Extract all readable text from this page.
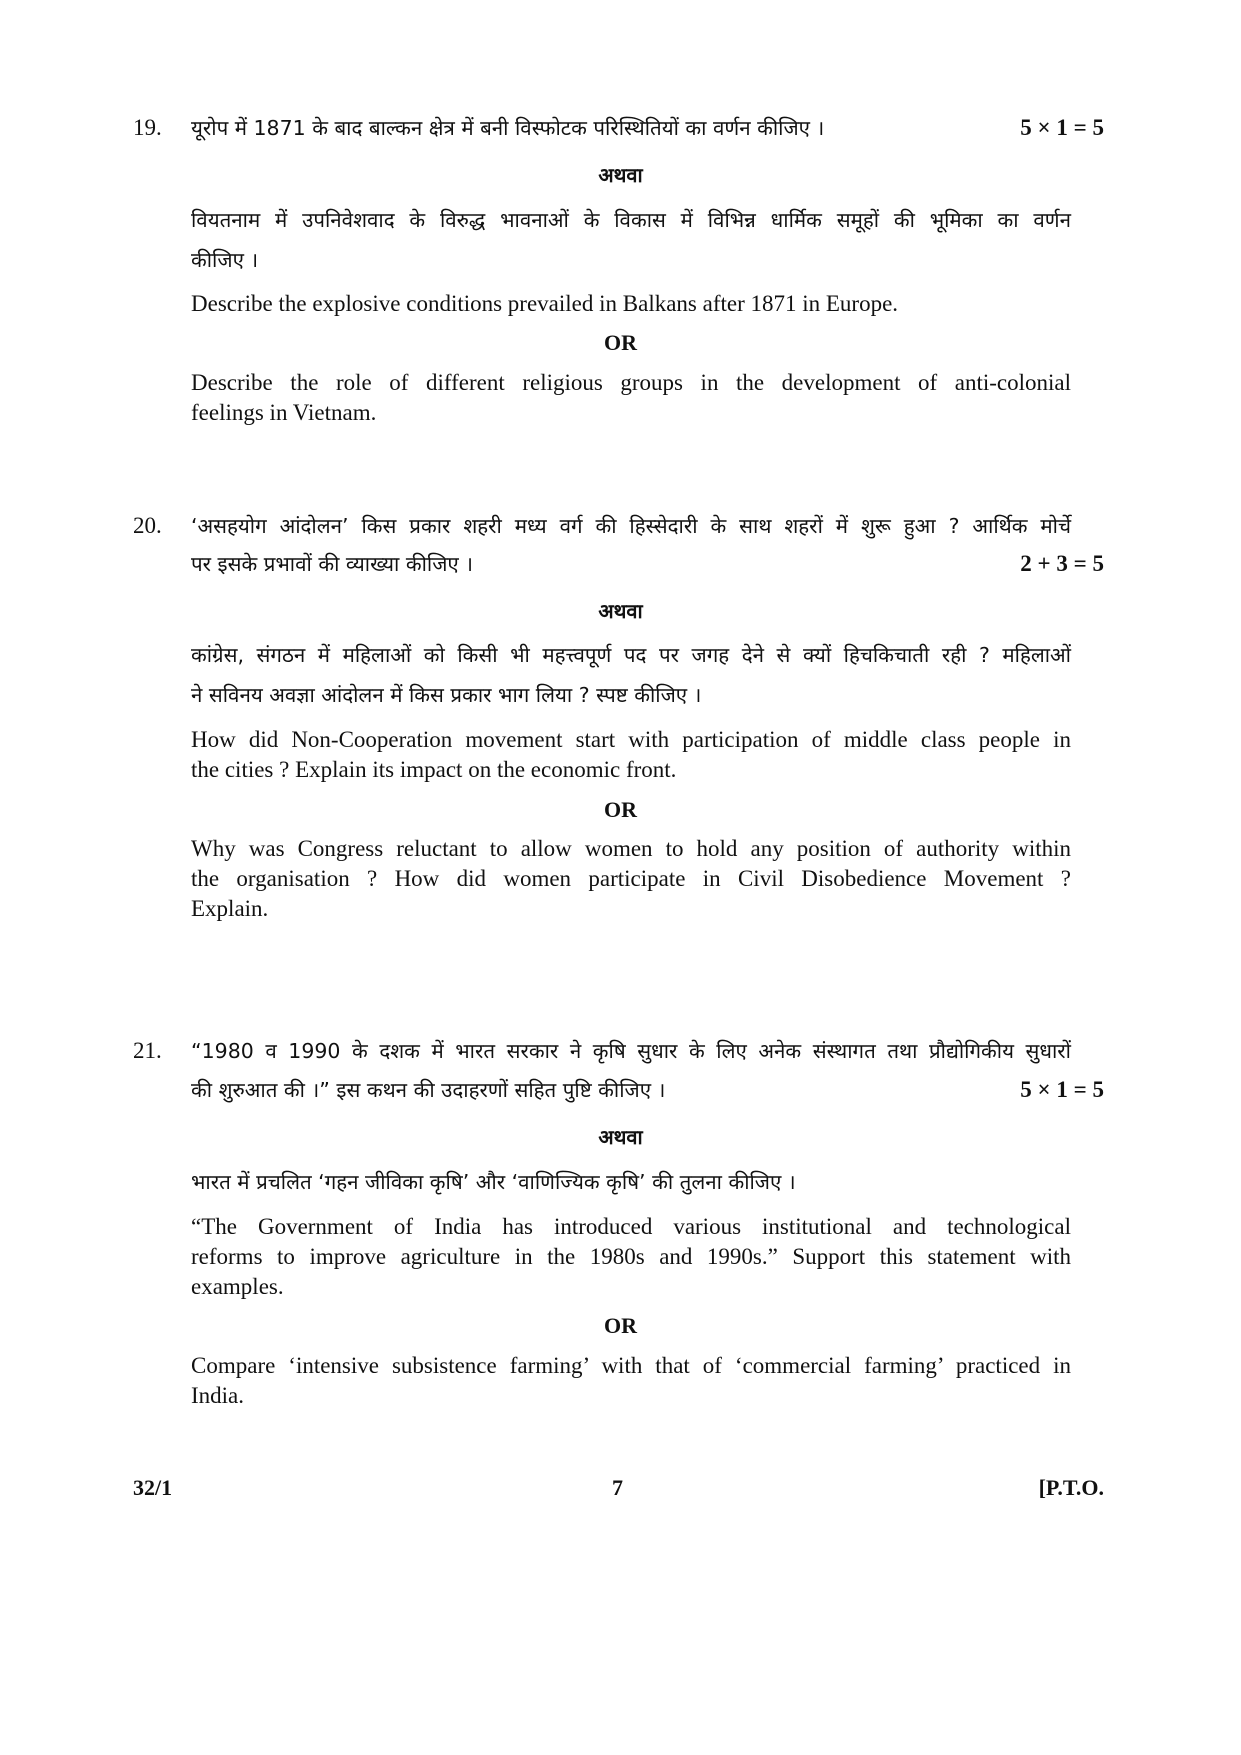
19. यूरोप में 1871 के बाद बाल्कन क्षेत्र में बनी विस्फोटक परिस्थितियों का वर्णन कीजिए ।	5 × 1 = 5
अथवा
वियतनाम में उपनिवेशवाद के विरुद्ध भावनाओं के विकास में विभिन्न धार्मिक समूहों की भूमिका का वर्णन
कीजिए ।
Describe the explosive conditions prevailed in Balkans after 1871 in Europe.
OR
Describe the role of different religious groups in the development of anti-colonial
feelings in Vietnam.
20. ‘असहयोग आंदोलन’ किस प्रकार शहरी मध्य वर्ग की हिस्सेदारी के साथ शहरों में शुरू हुआ ? आर्थिक मोर्चे
पर इसके प्रभावों की व्याख्या कीजिए ।	2 + 3 = 5
अथवा
कांग्रेस, संगठन में महिलाओं को किसी भी महत्त्वपूर्ण पद पर जगह देने से क्यों हिचकिचाती रही ? महिलाओं
ने सविनय अवज्ञा आंदोलन में किस प्रकार भाग लिया ? स्पष्ट कीजिए ।
How did Non-Cooperation movement start with participation of middle class people in
the cities ? Explain its impact on the economic front.
OR
Why was Congress reluctant to allow women to hold any position of authority within
the organisation ? How did women participate in Civil Disobedience Movement ?
Explain.
21. “1980 व 1990 के दशक में भारत सरकार ने कृषि सुधार के लिए अनेक संस्थागत तथा प्रौद्योगिकीय सुधारों
की शुरुआत की ।” इस कथन की उदाहरणों सहित पुष्टि कीजिए ।	5 × 1 = 5
अथवा
भारत में प्रचलित ‘गहन जीविका कृषि’ और ‘वाणिज्यिक कृषि’ की तुलना कीजिए ।
“The Government of India has introduced various institutional and technological
reforms to improve agriculture in the 1980s and 1990s.” Support this statement with
examples.
OR
Compare ‘intensive subsistence farming’ with that of ‘commercial farming’ practiced in
India.
32/1	7	[P.T.O.
